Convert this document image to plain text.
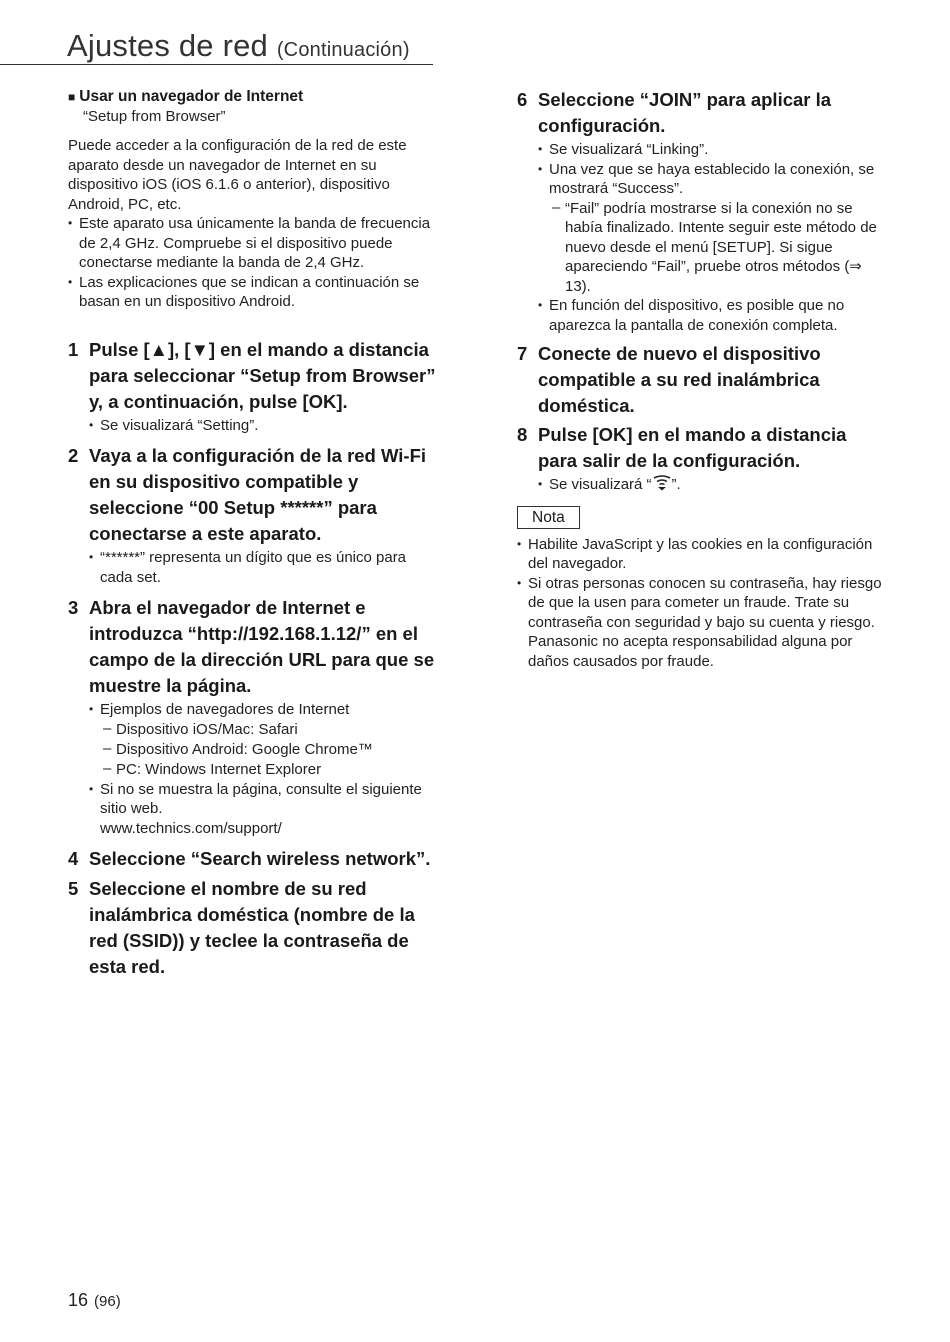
Ajustes de red (Continuación)

■ Usar un navegador de Internet

“Setup from Browser”

Puede acceder a la configuración de la red de este aparato desde un navegador de Internet en su dispositivo iOS (iOS 6.1.6 o anterior), dispositivo Android, PC, etc.

• Este aparato usa únicamente la banda de frecuencia de 2,4 GHz. Compruebe si el dispositivo puede conectarse mediante la banda de 2,4 GHz.

• Las explicaciones que se indican a continuación se basan en un dispositivo Android.

1 Pulse [▲], [▼] en el mando a distancia para seleccionar “Setup from Browser” y, a continuación, pulse [OK].

• Se visualizará “Setting”.

2 Vaya a la configuración de la red Wi-Fi en su dispositivo compatible y seleccione “00 Setup ******” para conectarse a este aparato.

• “******” representa un dígito que es único para cada set.

3 Abra el navegador de Internet e introduzca “http://192.168.1.12/” en el campo de la dirección URL para que se muestre la página.

• Ejemplos de navegadores de Internet

– Dispositivo iOS/Mac: Safari

– Dispositivo Android: Google Chrome™

– PC: Windows Internet Explorer

• Si no se muestra la página, consulte el siguiente sitio web.

www.technics.com/support/

4 Seleccione “Search wireless network”.

5 Seleccione el nombre de su red inalámbrica doméstica (nombre de la red (SSID)) y teclee la contraseña de esta red.

6 Seleccione “JOIN” para aplicar la configuración.

• Se visualizará “Linking”.

• Una vez que se haya establecido la conexión, se mostrará “Success”.

– “Fail” podría mostrarse si la conexión no se había finalizado. Intente seguir este método de nuevo desde el menú [SETUP]. Si sigue apareciendo “Fail”, pruebe otros métodos (⇒ 13).

• En función del dispositivo, es posible que no aparezca la pantalla de conexión completa.

7 Conecte de nuevo el dispositivo compatible a su red inalámbrica doméstica.

8 Pulse [OK] en el mando a distancia para salir de la configuración.

• Se visualizará “ ”.

Nota

• Habilite JavaScript y las cookies en la configuración del navegador.

• Si otras personas conocen su contraseña, hay riesgo de que la usen para cometer un fraude. Trate su contraseña con seguridad y bajo su cuenta y riesgo. Panasonic no acepta responsabilidad alguna por daños causados por fraude.

16 (96)
